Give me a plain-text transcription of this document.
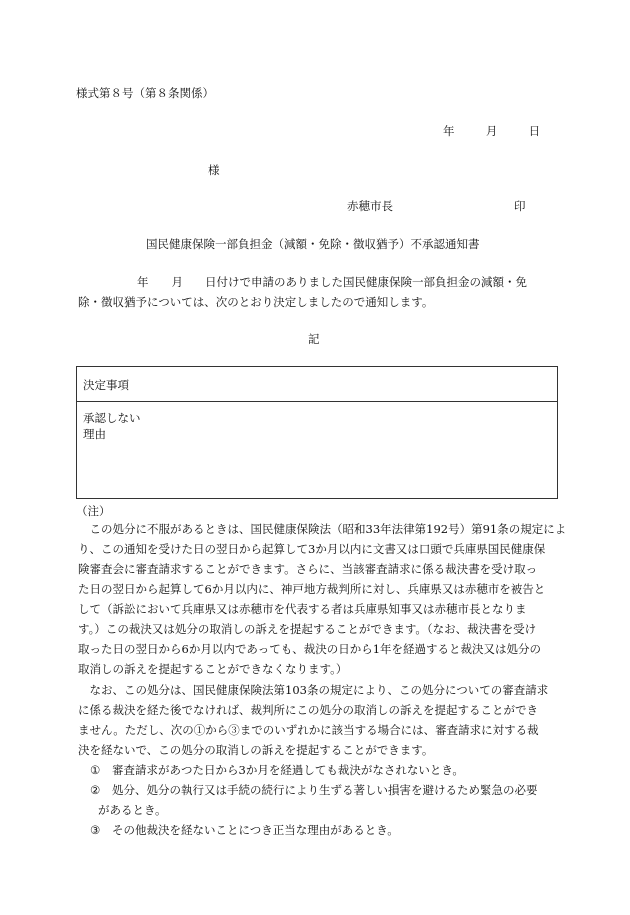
様式第８号（第８条関係）
年	月	日
様
赤穂市長	印
国民健康保険一部負担金（減額・免除・徴収猶予）不承認通知書
年 月 日付けで申請のありました国民健康保険一部負担金の減額・免
除・徴収猶予については、次のとおり決定しましたので通知します。
記
決定事項
承認しない
理由
（注）
　この処分に不服があるときは、国民健康保険法（昭和33年法律第192号）第91条の規定によ
り、この通知を受けた日の翌日から起算して3か月以内に文書又は口頭で兵庫県国民健康保
険審査会に審査請求することができます。さらに、当該審査請求に係る裁決書を受け取っ
た日の翌日から起算して6か月以内に、神戸地方裁判所に対し、兵庫県又は赤穂市を被告と
して（訴訟において兵庫県又は赤穂市を代表する者は兵庫県知事又は赤穂市長となりま
す。）この裁決又は処分の取消しの訴えを提起することができます。（なお、裁決書を受け
取った日の翌日から6か月以内であっても、裁決の日から1年を経過すると裁決又は処分の
取消しの訴えを提起することができなくなります。）
　なお、この処分は、国民健康保険法第103条の規定により、この処分についての審査請求
に係る裁決を経た後でなければ、裁判所にこの処分の取消しの訴えを提起することができ
ません。ただし、次の①から③までのいずれかに該当する場合には、審査請求に対する裁
決を経ないで、この処分の取消しの訴えを提起することができます。
① 審査請求があつた日から3か月を経過しても裁決がなされないとき。
② 処分、処分の執行又は手続の続行により生ずる著しい損害を避けるため緊急の必要
があるとき。
③ その他裁決を経ないことにつき正当な理由があるとき。
